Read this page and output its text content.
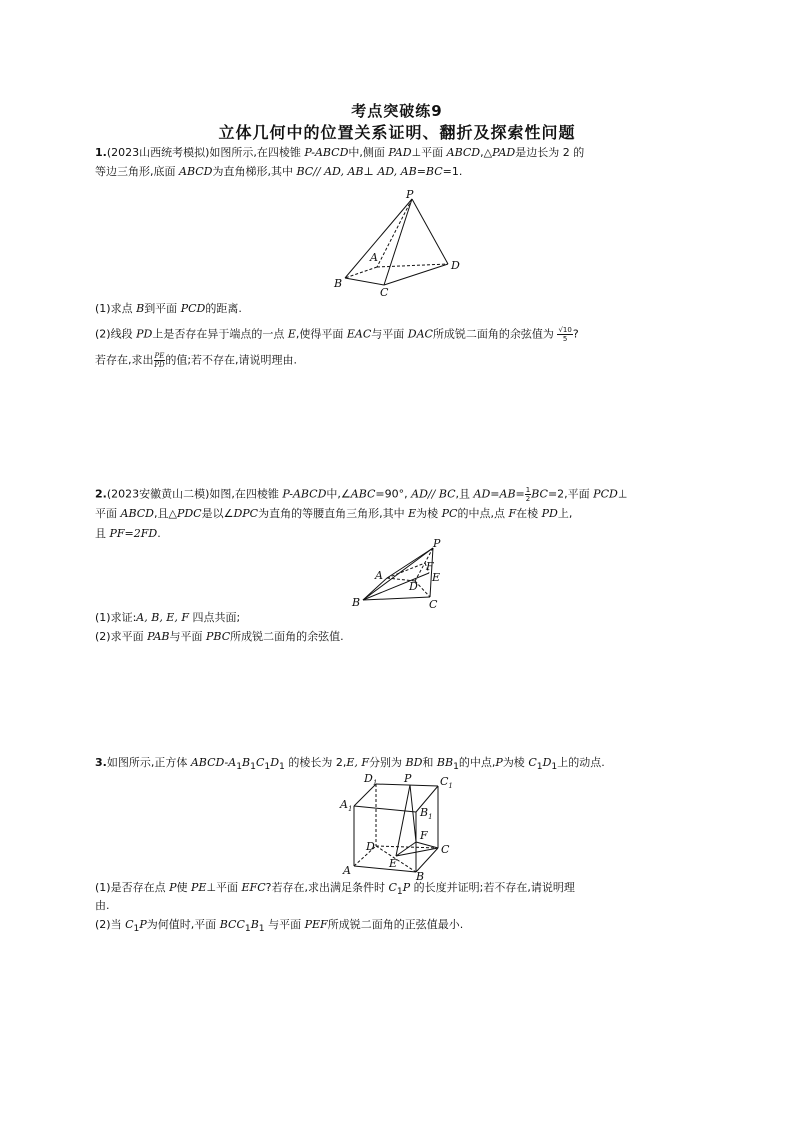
考点突破练9
立体几何中的位置关系证明、翻折及探索性问题
1.(2023山西统考模拟)如图所示,在四棱锥 P-ABCD中,侧面 PAD⊥平面 ABCD,△PAD是边长为 2 的
等边三角形,底面 ABCD为直角梯形,其中 BC// AD, AB⊥ AD, AB=BC=1.
P
A
B
C
D
(1)求点 B到平面 PCD的距离.
(2)线段 PD上是否存在异于端点的一点 E,使得平面 EAC与平面 DAC所成锐二面角的余弦值为 $\frac{√10}{5}$ ?
若存在,求出 $\frac{PE}{PD}$ 的值;若不存在,请说明理由.
2.(2023安徽黄山二模)如图,在四棱锥 P-ABCD中,∠ABC=90°, AD// BC,且 $AD=AB= \frac{1}{2} BC=2$,平面 PCD⊥
平面 ABCD,且△PDC是以∠DPC为直角的等腰直角三角形,其中 E为棱 PC的中点,点 F在棱 PD上,
且 PF=2FD.
P
A
B	C
D
E
F
(1)求证:A, B, E, F 四点共面;
(2)求平面 PAB与平面 PBC所成锐二面角的余弦值.
3.如图所示,正方体 ABCD-$A_1B_1C_1D_1$ 的棱长为 2,E, F分别为 BD和 $BB_1$的中点,P为棱 $C_1D_1$上的动点.
$D_1$	$C_1$
$A_1$	$B_1$
P
F
D	C
E
A	B
(1)是否存在点 P使 PE⊥平面 EFC?若存在,求出满足条件时 $C_1P$ 的长度并证明;若不存在,请说明理
由.
(2)当 $C_1P$为何值时,平面 $BCC_1B_1$ 与平面 PEF所成锐二面角的正弦值最小.
